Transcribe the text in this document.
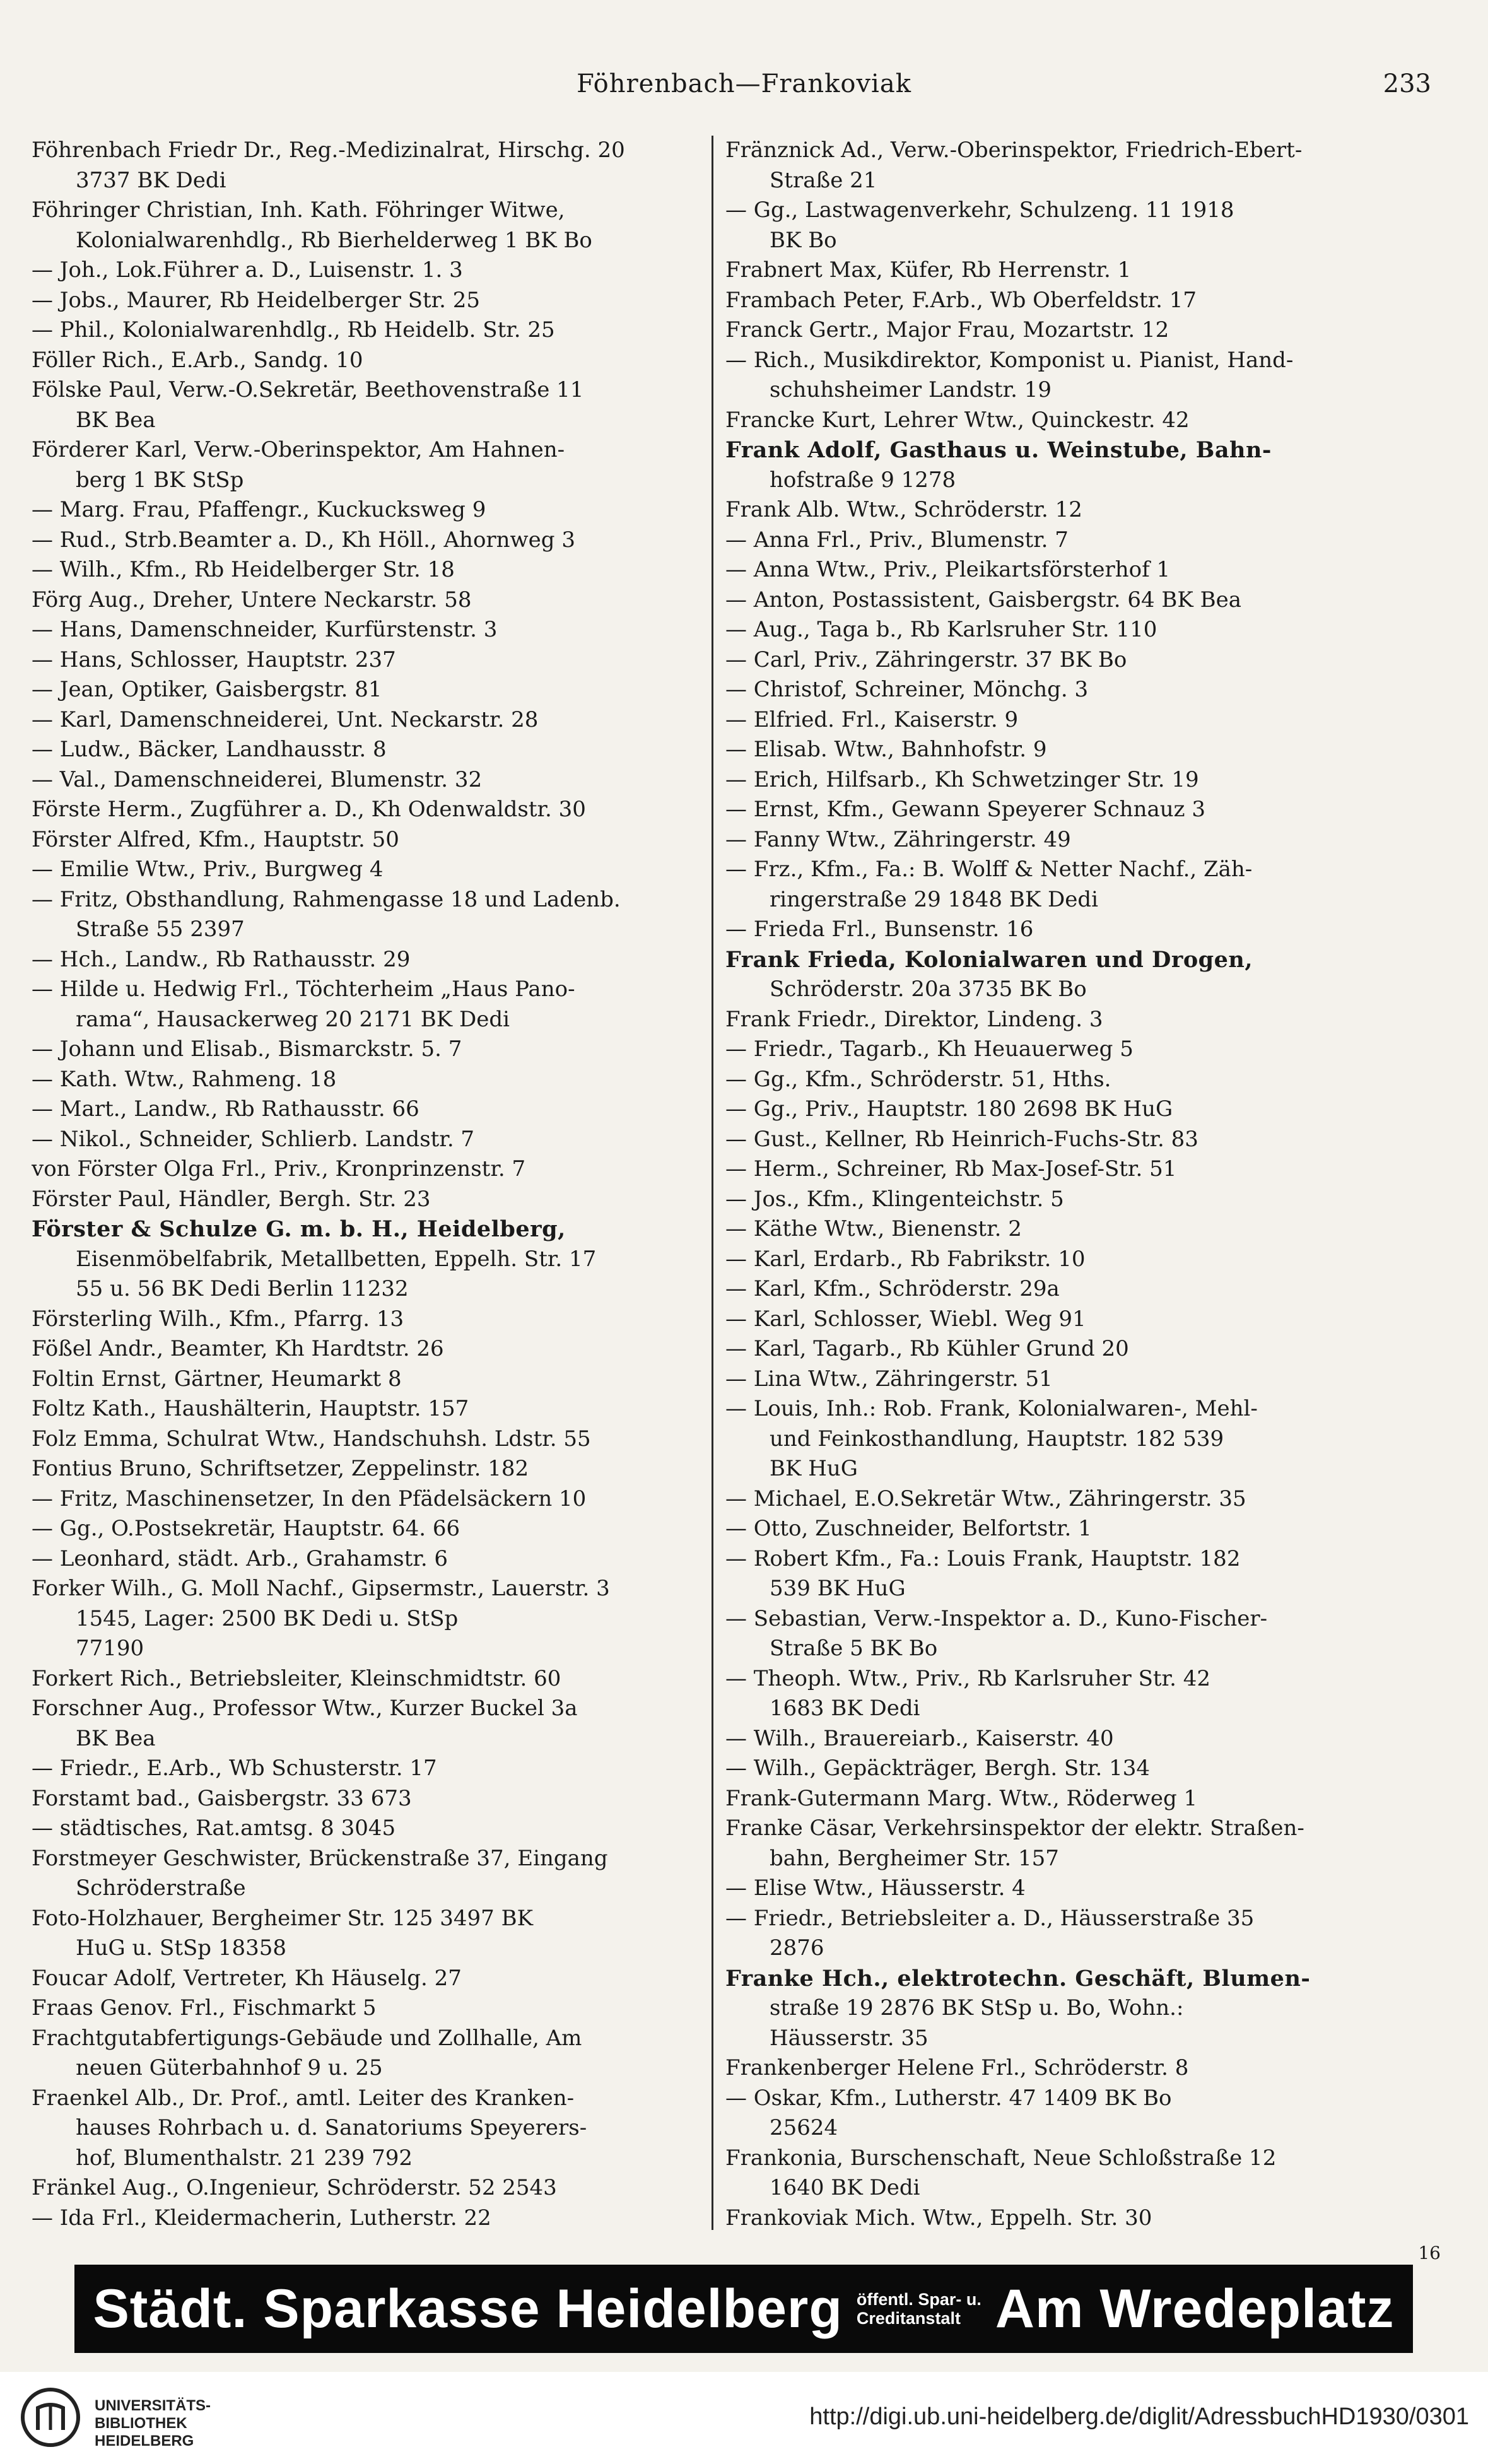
Föhrenbach—Frankoviak	233
Föhrenbach Friedr Dr., Reg.-Medizinalrat, Hirschg. 20
3737 BK Dedi
Föhringer Christian, Inh. Kath. Föhringer Witwe,
Kolonialwarenhdlg., Rb Bierhelderweg 1 BK Bo
— Joh., Lok.Führer a. D., Luisenstr. 1. 3
— Jobs., Maurer, Rb Heidelberger Str. 25
— Phil., Kolonialwarenhdlg., Rb Heidelb. Str. 25
Föller Rich., E.Arb., Sandg. 10
Fölske Paul, Verw.-O.Sekretär, Beethovenstraße 11
BK Bea
Förderer Karl, Verw.-Oberinspektor, Am Hahnen-
berg 1 BK StSp
— Marg. Frau, Pfaffengr., Kuckucksweg 9
— Rud., Strb.Beamter a. D., Kh Höll., Ahornweg 3
— Wilh., Kfm., Rb Heidelberger Str. 18
Förg Aug., Dreher, Untere Neckarstr. 58
— Hans, Damenschneider, Kurfürstenstr. 3
— Hans, Schlosser, Hauptstr. 237
— Jean, Optiker, Gaisbergstr. 81
— Karl, Damenschneiderei, Unt. Neckarstr. 28
— Ludw., Bäcker, Landhausstr. 8
— Val., Damenschneiderei, Blumenstr. 32
Förste Herm., Zugführer a. D., Kh Odenwaldstr. 30
Förster Alfred, Kfm., Hauptstr. 50
— Emilie Wtw., Priv., Burgweg 4
— Fritz, Obsthandlung, Rahmengasse 18 und Ladenb.
Straße 55 2397
— Hch., Landw., Rb Rathausstr. 29
— Hilde u. Hedwig Frl., Töchterheim „Haus Pano-
rama“, Hausackerweg 20 2171 BK Dedi
— Johann und Elisab., Bismarckstr. 5. 7
— Kath. Wtw., Rahmeng. 18
— Mart., Landw., Rb Rathausstr. 66
— Nikol., Schneider, Schlierb. Landstr. 7
von Förster Olga Frl., Priv., Kronprinzenstr. 7
Förster Paul, Händler, Bergh. Str. 23
Förster & Schulze G. m. b. H., Heidelberg,
Eisenmöbelfabrik, Metallbetten, Eppelh. Str. 17
55 u. 56 BK Dedi Berlin 11232
Försterling Wilh., Kfm., Pfarrg. 13
Fößel Andr., Beamter, Kh Hardtstr. 26
Foltin Ernst, Gärtner, Heumarkt 8
Foltz Kath., Haushälterin, Hauptstr. 157
Folz Emma, Schulrat Wtw., Handschuhsh. Ldstr. 55
Fontius Bruno, Schriftsetzer, Zeppelinstr. 182
— Fritz, Maschinensetzer, In den Pfädelsäckern 10
— Gg., O.Postsekretär, Hauptstr. 64. 66
— Leonhard, städt. Arb., Grahamstr. 6
Forker Wilh., G. Moll Nachf., Gipsermstr., Lauerstr. 3
1545, Lager: 2500 BK Dedi u. StSp
77190
Forkert Rich., Betriebsleiter, Kleinschmidtstr. 60
Forschner Aug., Professor Wtw., Kurzer Buckel 3a
BK Bea
— Friedr., E.Arb., Wb Schusterstr. 17
Forstamt bad., Gaisbergstr. 33 673
— städtisches, Rat.amtsg. 8 3045
Forstmeyer Geschwister, Brückenstraße 37, Eingang
Schröderstraße
Foto-Holzhauer, Bergheimer Str. 125 3497 BK
HuG u. StSp 18358
Foucar Adolf, Vertreter, Kh Häuselg. 27
Fraas Genov. Frl., Fischmarkt 5
Frachtgutabfertigungs-Gebäude und Zollhalle, Am
neuen Güterbahnhof 9 u. 25
Fraenkel Alb., Dr. Prof., amtl. Leiter des Kranken-
hauses Rohrbach u. d. Sanatoriums Speyerers-
hof, Blumenthalstr. 21 239 792
Fränkel Aug., O.Ingenieur, Schröderstr. 52 2543
— Ida Frl., Kleidermacherin, Lutherstr. 22
Fränznick Ad., Verw.-Oberinspektor, Friedrich-Ebert-
Straße 21
— Gg., Lastwagenverkehr, Schulzeng. 11 1918
BK Bo
Frabnert Max, Küfer, Rb Herrenstr. 1
Frambach Peter, F.Arb., Wb Oberfeldstr. 17
Franck Gertr., Major Frau, Mozartstr. 12
— Rich., Musikdirektor, Komponist u. Pianist, Hand-
schuhsheimer Landstr. 19
Francke Kurt, Lehrer Wtw., Quinckestr. 42
Frank Adolf, Gasthaus u. Weinstube, Bahn-
hofstraße 9 1278
Frank Alb. Wtw., Schröderstr. 12
— Anna Frl., Priv., Blumenstr. 7
— Anna Wtw., Priv., Pleikartsförsterhof 1
— Anton, Postassistent, Gaisbergstr. 64 BK Bea
— Aug., Taga b., Rb Karlsruher Str. 110
— Carl, Priv., Zähringerstr. 37 BK Bo
— Christof, Schreiner, Mönchg. 3
— Elfried. Frl., Kaiserstr. 9
— Elisab. Wtw., Bahnhofstr. 9
— Erich, Hilfsarb., Kh Schwetzinger Str. 19
— Ernst, Kfm., Gewann Speyerer Schnauz 3
— Fanny Wtw., Zähringerstr. 49
— Frz., Kfm., Fa.: B. Wolff & Netter Nachf., Zäh-
ringerstraße 29 1848 BK Dedi
— Frieda Frl., Bunsenstr. 16
Frank Frieda, Kolonialwaren und Drogen,
Schröderstr. 20a 3735 BK Bo
Frank Friedr., Direktor, Lindeng. 3
— Friedr., Tagarb., Kh Heuauerweg 5
— Gg., Kfm., Schröderstr. 51, Hths.
— Gg., Priv., Hauptstr. 180 2698 BK HuG
— Gust., Kellner, Rb Heinrich-Fuchs-Str. 83
— Herm., Schreiner, Rb Max-Josef-Str. 51
— Jos., Kfm., Klingenteichstr. 5
— Käthe Wtw., Bienenstr. 2
— Karl, Erdarb., Rb Fabrikstr. 10
— Karl, Kfm., Schröderstr. 29a
— Karl, Schlosser, Wiebl. Weg 91
— Karl, Tagarb., Rb Kühler Grund 20
— Lina Wtw., Zähringerstr. 51
— Louis, Inh.: Rob. Frank, Kolonialwaren-, Mehl-
und Feinkosthandlung, Hauptstr. 182 539
BK HuG
— Michael, E.O.Sekretär Wtw., Zähringerstr. 35
— Otto, Zuschneider, Belfortstr. 1
— Robert Kfm., Fa.: Louis Frank, Hauptstr. 182
539 BK HuG
— Sebastian, Verw.-Inspektor a. D., Kuno-Fischer-
Straße 5 BK Bo
— Theoph. Wtw., Priv., Rb Karlsruher Str. 42
1683 BK Dedi
— Wilh., Brauereiarb., Kaiserstr. 40
— Wilh., Gepäckträger, Bergh. Str. 134
Frank-Gutermann Marg. Wtw., Röderweg 1
Franke Cäsar, Verkehrsinspektor der elektr. Straßen-
bahn, Bergheimer Str. 157
— Elise Wtw., Häusserstr. 4
— Friedr., Betriebsleiter a. D., Häusserstraße 35
2876
Franke Hch., elektrotechn. Geschäft, Blumen-
straße 19 2876 BK StSp u. Bo, Wohn.:
Häusserstr. 35
Frankenberger Helene Frl., Schröderstr. 8
— Oskar, Kfm., Lutherstr. 47 1409 BK Bo
25624
Frankonia, Burschenschaft, Neue Schloßstraße 12
1640 BK Dedi
Frankoviak Mich. Wtw., Eppelh. Str. 30
16
Städt. Sparkasse Heidelberg öffentl. Spar- u.
Creditanstalt Am Wredeplatz
UNIVERSITÄTS-
BIBLIOTHEK
HEIDELBERG
http://digi.ub.uni-heidelberg.de/diglit/AdressbuchHD1930/0301
